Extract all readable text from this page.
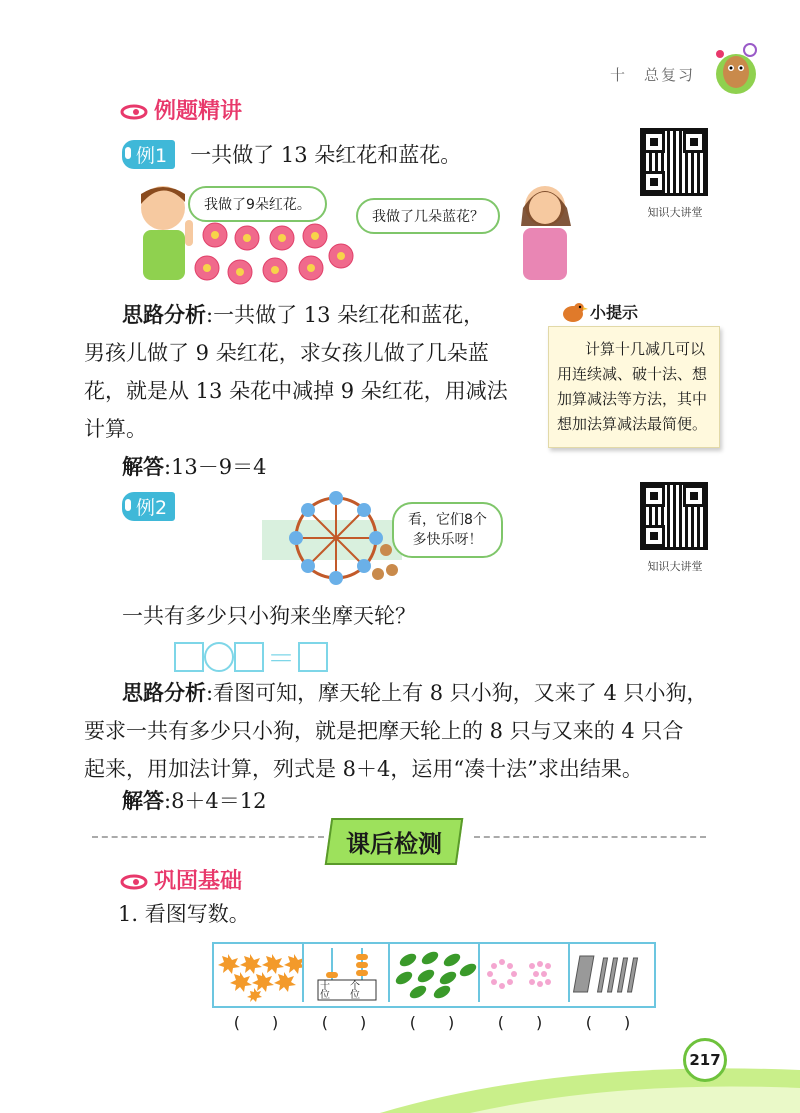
十　总复习
例题精讲
例1 一共做了 13 朵红花和蓝花。
知识大讲堂
我做了9朵红花。
我做了几朵蓝花？
思路分析:一共做了 13 朵红花和蓝花，
男孩儿做了 9 朵红花，求女孩儿做了几朵蓝
花，就是从 13 朵花中减掉 9 朵红花，用减法
计算。
解答:13－9＝4
小提示
计算十几减几可以
用连续减、破十法、想
加算减法等方法，其中
想加法算减法最简便。
例2
看，它们8个
多快乐呀！
知识大讲堂
一共有多少只小狗来坐摩天轮？
＝
思路分析:看图可知，摩天轮上有 8 只小狗，又来了 4 只小狗，
要求一共有多少只小狗，就是把摩天轮上的 8 只与又来的 4 只合
起来，用加法计算，列式是 8＋4，运用“凑十法”求出结果。
解答:8＋4＝12
课后检测
巩固基础
1. 看图写数。
十位
个位
(　　)	(　　)	(　　)	(　　)	(　　)
217
